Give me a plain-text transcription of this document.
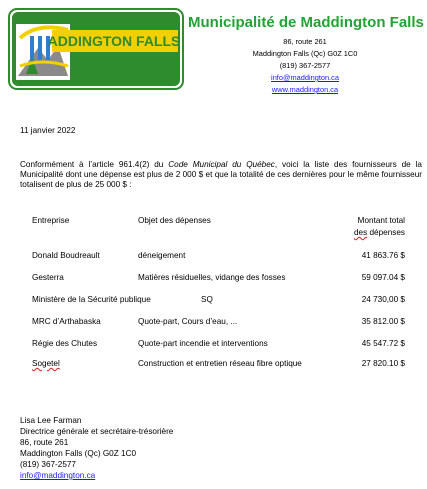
ADDINGTON FALLS
Municipalité de Maddington Falls
86, route 261
Maddington Falls (Qc) G0Z 1C0
(819) 367-2577
info@maddington.ca
www.maddington.ca
11 janvier 2022
Conformément à l’article 961.4(2) du Code Municipal du Québec, voici la liste des fournisseurs de la Municipalité dont une dépense est plus de 2 000 $ et que la totalité de ces dernières pour le même fournisseur totalisent de plus de 25 000 $ :
Entreprise	Objet des dépenses	Montant total
des dépenses
Donald Boudreault	déneigement	41 863.76 $
Gesterra	Matières résiduelles, vidange des fosses	59 097.04 $
Ministère de la Sécurité publique	SQ	24 730,00 $
MRC d’Arthabaska	Quote-part, Cours d’eau, ...	35 812.00 $
Régie des Chutes	Quote-part incendie et interventions	45 547.72 $
Sogetel	Construction et entretien réseau fibre optique	27 820.10 $
Lisa Lee Farman
Directrice générale et secrétaire-trésorière
86, route 261
Maddington Falls (Qc) G0Z 1C0
(819) 367-2577
info@maddington.ca
